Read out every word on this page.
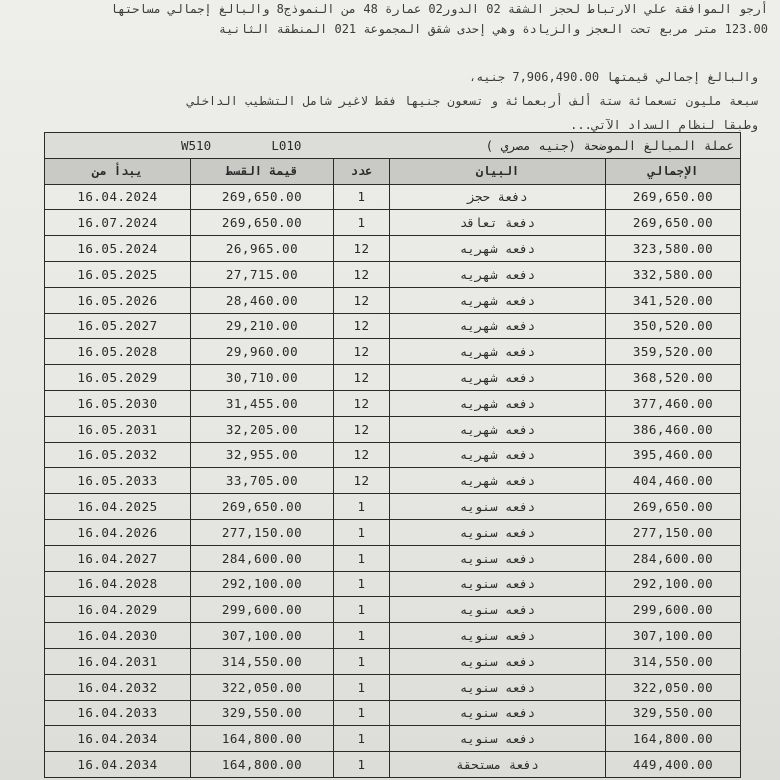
أرجو الموافقة علي الارتباط لحجز الشقة 02 الدور02 عمارة 48 من النموذج8 والبالغ إجمالي مساحتها
123.00 متر مربع تحت العجز والزيادة وهي إحدى شقق المجموعة 021 المنطقة الثانية
والبالغ إجمالي قيمتها 7,906,490.00 جنيه،
سبعة مليون تسعمائة ستة ألف أربعمائة و تسعون جنيها فقط لاغير شامل التشطيب الداخلي
وطبقا لنظام السداد الآتي...
W510 L010 عملة المبالغ الموضحة (جنيه مصري )				

يبدأ من	قيمة القسط	عدد	البيان	الإجمالي
16.04.2024	269,650.00	1	دفعة حجز	269,650.00
16.07.2024	269,650.00	1	دفعة تعاقد	269,650.00
16.05.2024	26,965.00	12	دفعه شهريه	323,580.00
16.05.2025	27,715.00	12	دفعه شهريه	332,580.00
16.05.2026	28,460.00	12	دفعه شهريه	341,520.00
16.05.2027	29,210.00	12	دفعه شهريه	350,520.00
16.05.2028	29,960.00	12	دفعه شهريه	359,520.00
16.05.2029	30,710.00	12	دفعه شهريه	368,520.00
16.05.2030	31,455.00	12	دفعه شهريه	377,460.00
16.05.2031	32,205.00	12	دفعه شهريه	386,460.00
16.05.2032	32,955.00	12	دفعه شهريه	395,460.00
16.05.2033	33,705.00	12	دفعه شهريه	404,460.00
16.04.2025	269,650.00	1	دفعه سنويه	269,650.00
16.04.2026	277,150.00	1	دفعه سنويه	277,150.00
16.04.2027	284,600.00	1	دفعه سنويه	284,600.00
16.04.2028	292,100.00	1	دفعه سنويه	292,100.00
16.04.2029	299,600.00	1	دفعه سنويه	299,600.00
16.04.2030	307,100.00	1	دفعه سنويه	307,100.00
16.04.2031	314,550.00	1	دفعه سنويه	314,550.00
16.04.2032	322,050.00	1	دفعه سنويه	322,050.00
16.04.2033	329,550.00	1	دفعه سنويه	329,550.00
16.04.2034	164,800.00	1	دفعه سنويه	164,800.00
16.04.2034	164,800.00	1	دفعة مستحقة	449,400.00
